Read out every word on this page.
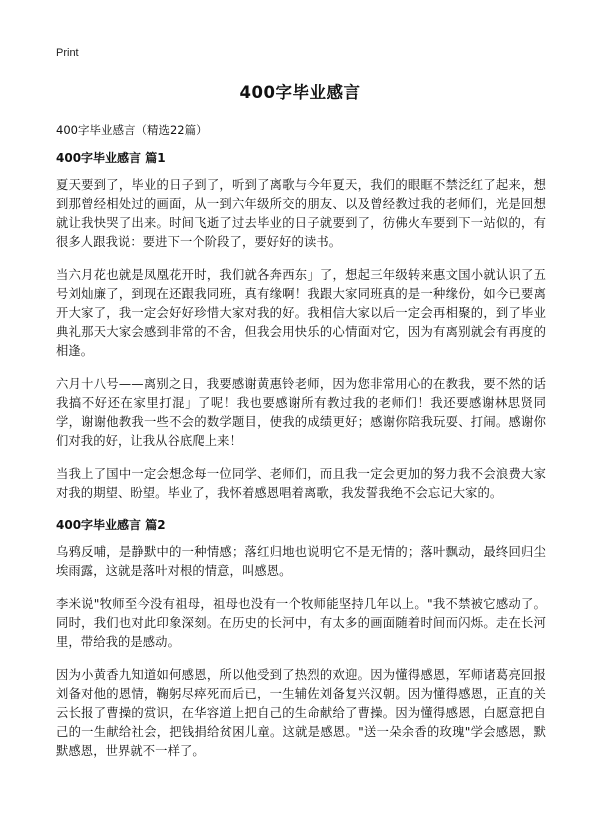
Print
400字毕业感言
400字毕业感言（精选22篇）
400字毕业感言 篇1

夏天要到了，毕业的日子到了，听到了离歌与今年夏天，我们的眼眶不禁泛红了起来，想到那曾经相处过的画面，从一到六年级所交的朋友、以及曾经教过我的老师们，光是回想就让我快哭了出来。时间飞逝了过去毕业的日子就要到了，彷佛火车要到下一站似的，有很多人跟我说：要进下一个阶段了，要好好的读书。

当六月花也就是凤凰花开时，我们就各奔西东」了，想起三年级转来惠文国小就认识了五号刘灿廉了，到现在还跟我同班，真有缘啊！我跟大家同班真的是一种缘份，如今已要离开大家了，我一定会好好珍惜大家对我的好。我相信大家以后一定会再相聚的，到了毕业典礼那天大家会感到非常的不舍，但我会用快乐的心情面对它，因为有离别就会有再度的相逢。

六月十八号——离别之日，我要感谢黄惠铃老师，因为您非常用心的在教我，要不然的话我搞不好还在家里打混」了呢！我也要感谢所有教过我的老师们！我还要感谢林思贤同学，谢谢他教我一些不会的数学题目，使我的成绩更好；感谢你陪我玩耍、打闹。感谢你们对我的好，让我从谷底爬上来！

当我上了国中一定会想念每一位同学、老师们，而且我一定会更加的努力我不会浪费大家对我的期望、盼望。毕业了，我怀着感恩唱着离歌，我发誓我绝不会忘记大家的。

400字毕业感言 篇2

乌鸦反哺，是静默中的一种情感；落红归地也说明它不是无情的；落叶飘动，最终回归尘埃雨露，这就是落叶对根的情意，叫感恩。

李米说"牧师至今没有祖母，祖母也没有一个牧师能坚持几年以上。"我不禁被它感动了。同时，我们也对此印象深刻。在历史的长河中，有太多的画面随着时间而闪烁。走在长河里，带给我的是感动。

因为小黄香九知道如何感恩，所以他受到了热烈的欢迎。因为懂得感恩，军师诸葛亮回报刘备对他的恩情，鞠躬尽瘁死而后已，一生辅佐刘备复兴汉朝。因为懂得感恩，正直的关云长报了曹操的赏识，在华容道上把自己的生命献给了曹操。因为懂得感恩，白愿意把自己的一生献给社会，把钱捐给贫困儿童。这就是感恩。"送一朵余香的玫瑰"学会感恩，默默感恩，世界就不一样了。
